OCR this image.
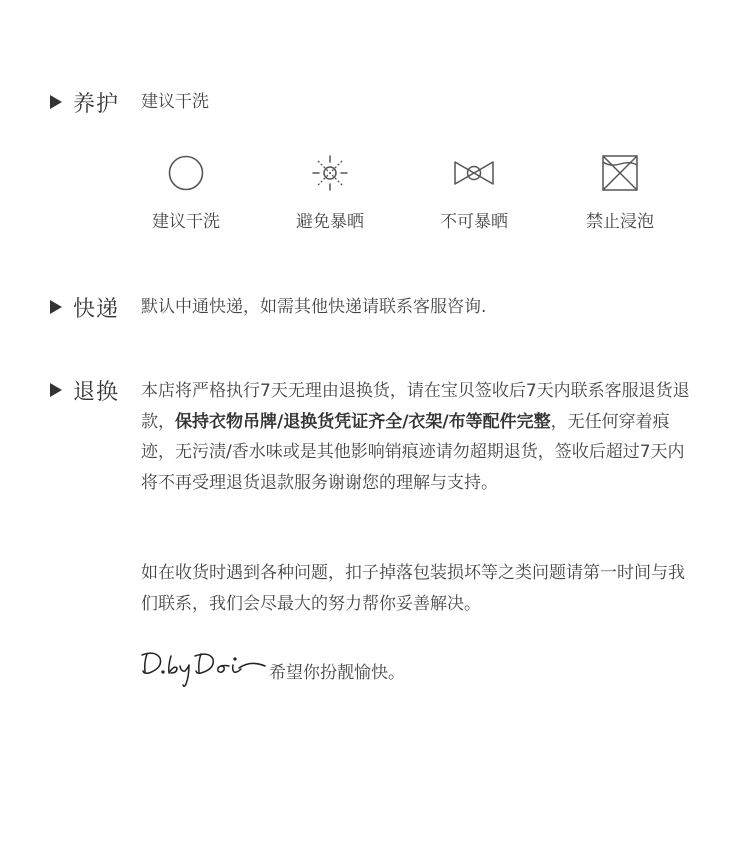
养护 建议干洗
建议干洗	避免暴晒	不可暴晒	禁止浸泡
快递 默认中通快递，如需其他快递请联系客服咨询.
退换 本店将严格执行7天无理由退换货，请在宝贝签收后7天内联系客服退货退款，保持衣物吊牌/退换货凭证齐全/衣架/布等配件完整，无任何穿着痕迹，无污渍/香水味或是其他影响销痕迹请勿超期退货，签收后超过7天内将不再受理退货退款服务谢谢您的理解与支持。

如在收货时遇到各种问题，扣子掉落包装损坏等之类问题请第一时间与我们联系，我们会尽最大的努力帮你妥善解决。

希望你扮靓愉快。
